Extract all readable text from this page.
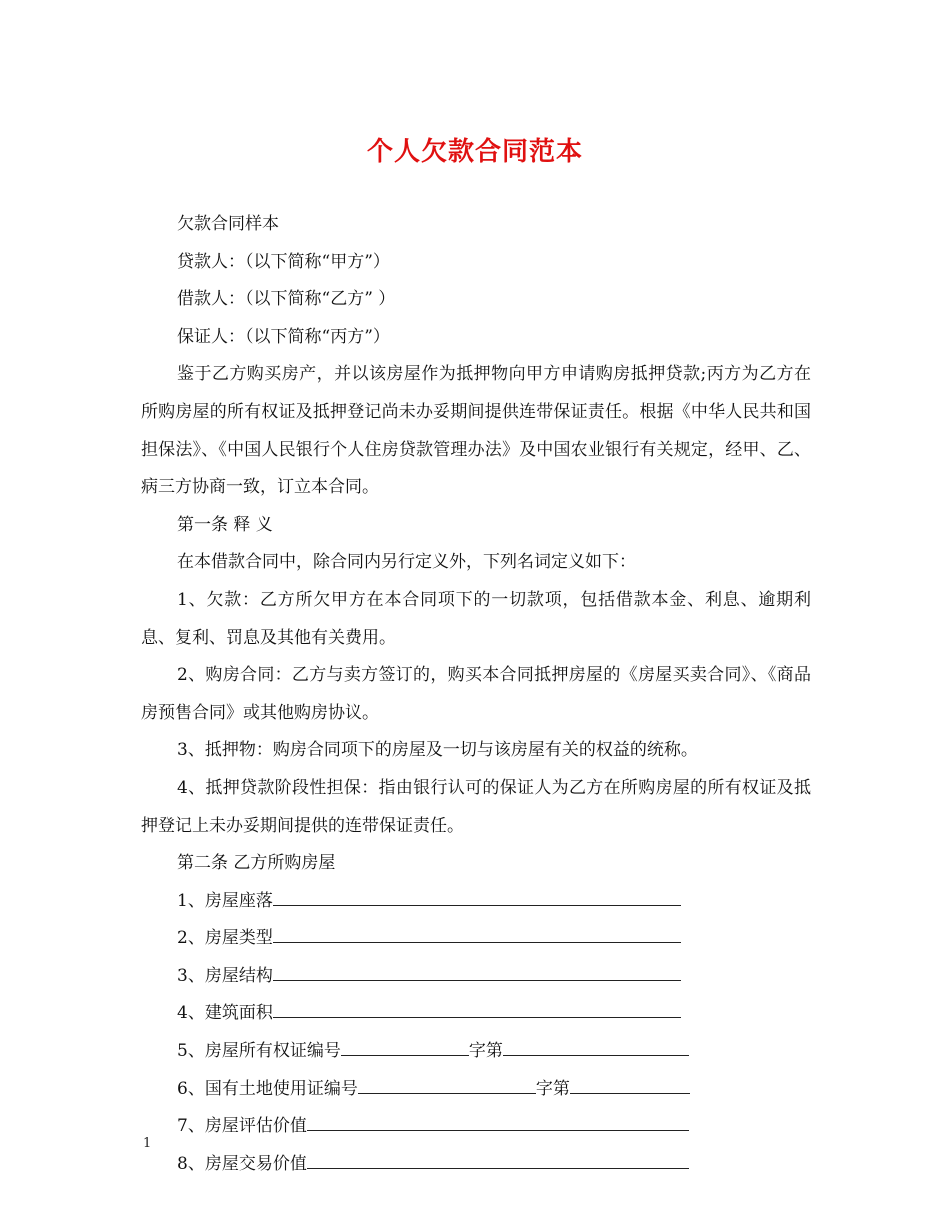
个人欠款合同范本

欠款合同样本

贷款人：（以下简称“甲方”）

借款人：（以下简称“乙方” ）

保证人：（以下简称“丙方”）

鉴于乙方购买房产，并以该房屋作为抵押物向甲方申请购房抵押贷款;丙方为乙方在所购房屋的所有权证及抵押登记尚未办妥期间提供连带保证责任。根据《中华人民共和国担保法》、《中国人民银行个人住房贷款管理办法》及中国农业银行有关规定，经甲、乙、病三方协商一致，订立本合同。

第一条 释 义

在本借款合同中，除合同内另行定义外，下列名词定义如下：

1、欠款：乙方所欠甲方在本合同项下的一切款项，包括借款本金、利息、逾期利息、复利、罚息及其他有关费用。

2、购房合同：乙方与卖方签订的，购买本合同抵押房屋的《房屋买卖合同》、《商品房预售合同》或其他购房协议。

3、抵押物：购房合同项下的房屋及一切与该房屋有关的权益的统称。

4、抵押贷款阶段性担保：指由银行认可的保证人为乙方在所购房屋的所有权证及抵押登记上未办妥期间提供的连带保证责任。

第二条 乙方所购房屋

1、房屋座落

2、房屋类型

3、房屋结构

4、建筑面积

5、房屋所有权证编号	字第

6、国有土地使用证编号	字第

7、房屋评估价值

8、房屋交易价值

1
